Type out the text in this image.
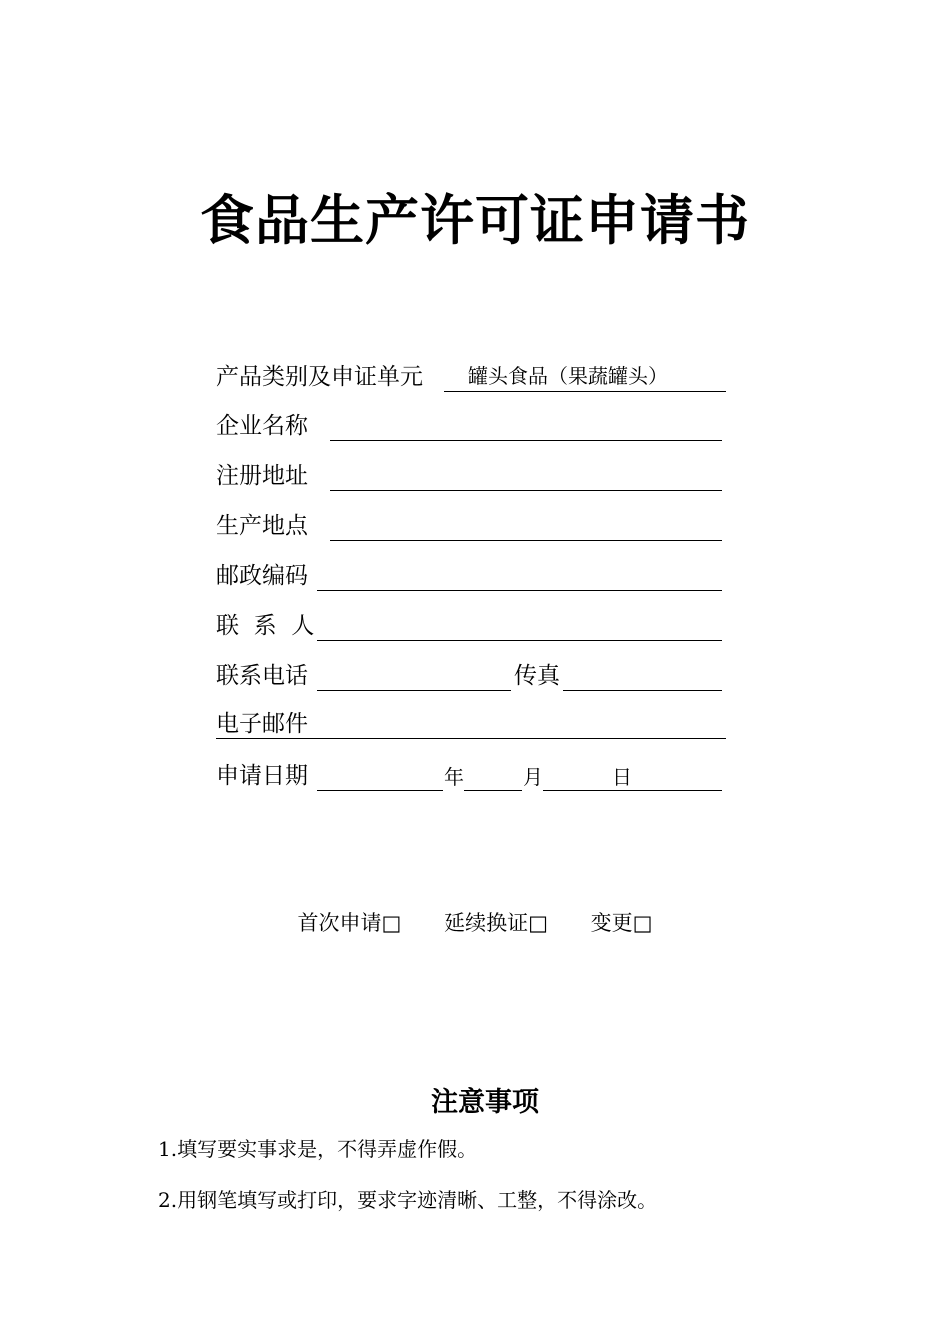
食品生产许可证申请书
产品类别及申证单元 罐头食品（果蔬罐头）
企业名称
注册地址
生产地点
邮政编码
联  系  人
联系电话	传真
电子邮件
申请日期	年	月	日
首次申请□ 延续换证□ 变更□
注意事项
1.填写要实事求是，不得弄虚作假。
2.用钢笔填写或打印，要求字迹清晰、工整，不得涂改。
